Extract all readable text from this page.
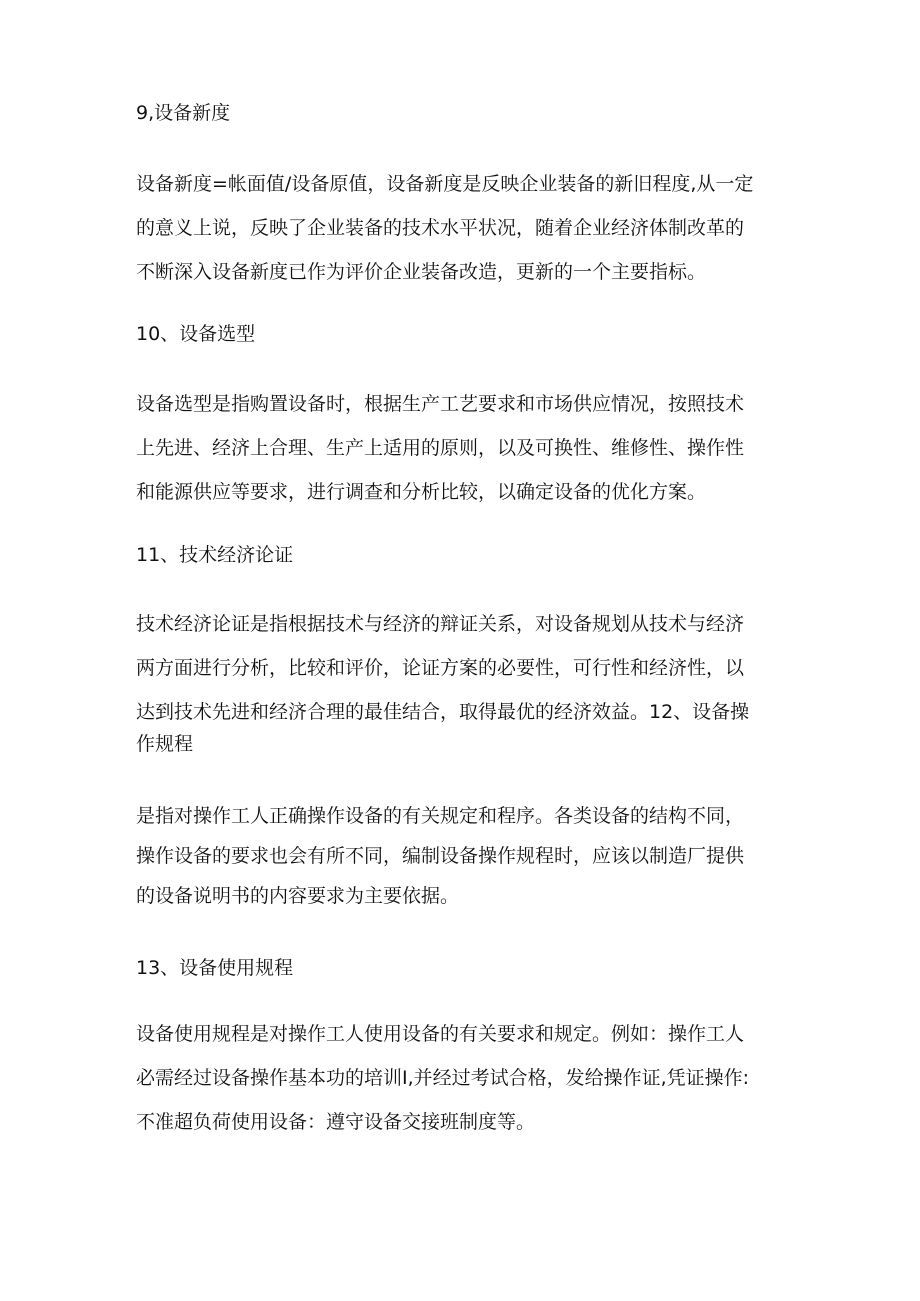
9,设备新度
设备新度=帐面值/设备原值，设备新度是反映企业装备的新旧程度,从一定
的意义上说，反映了企业装备的技术水平状况，随着企业经济体制改革的
不断深入设备新度已作为评价企业装备改造，更新的一个主要指标。
10、设备选型
设备选型是指购置设备时，根据生产工艺要求和市场供应情况，按照技术
上先进、经济上合理、生产上适用的原则，以及可换性、维修性、操作性
和能源供应等要求，进行调查和分析比较，以确定设备的优化方案。
11、技术经济论证
技术经济论证是指根据技术与经济的辩证关系，对设备规划从技术与经济
两方面进行分析，比较和评价，论证方案的必要性，可行性和经济性，以
达到技术先进和经济合理的最佳结合，取得最优的经济效益。12、设备操
作规程
是指对操作工人正确操作设备的有关规定和程序。各类设备的结构不同，
操作设备的要求也会有所不同，编制设备操作规程时，应该以制造厂提供
的设备说明书的内容要求为主要依据。
13、设备使用规程
设备使用规程是对操作工人使用设备的有关要求和规定。例如：操作工人
必需经过设备操作基本功的培训I,并经过考试合格，发给操作证,凭证操作:
不准超负荷使用设备：遵守设备交接班制度等。
